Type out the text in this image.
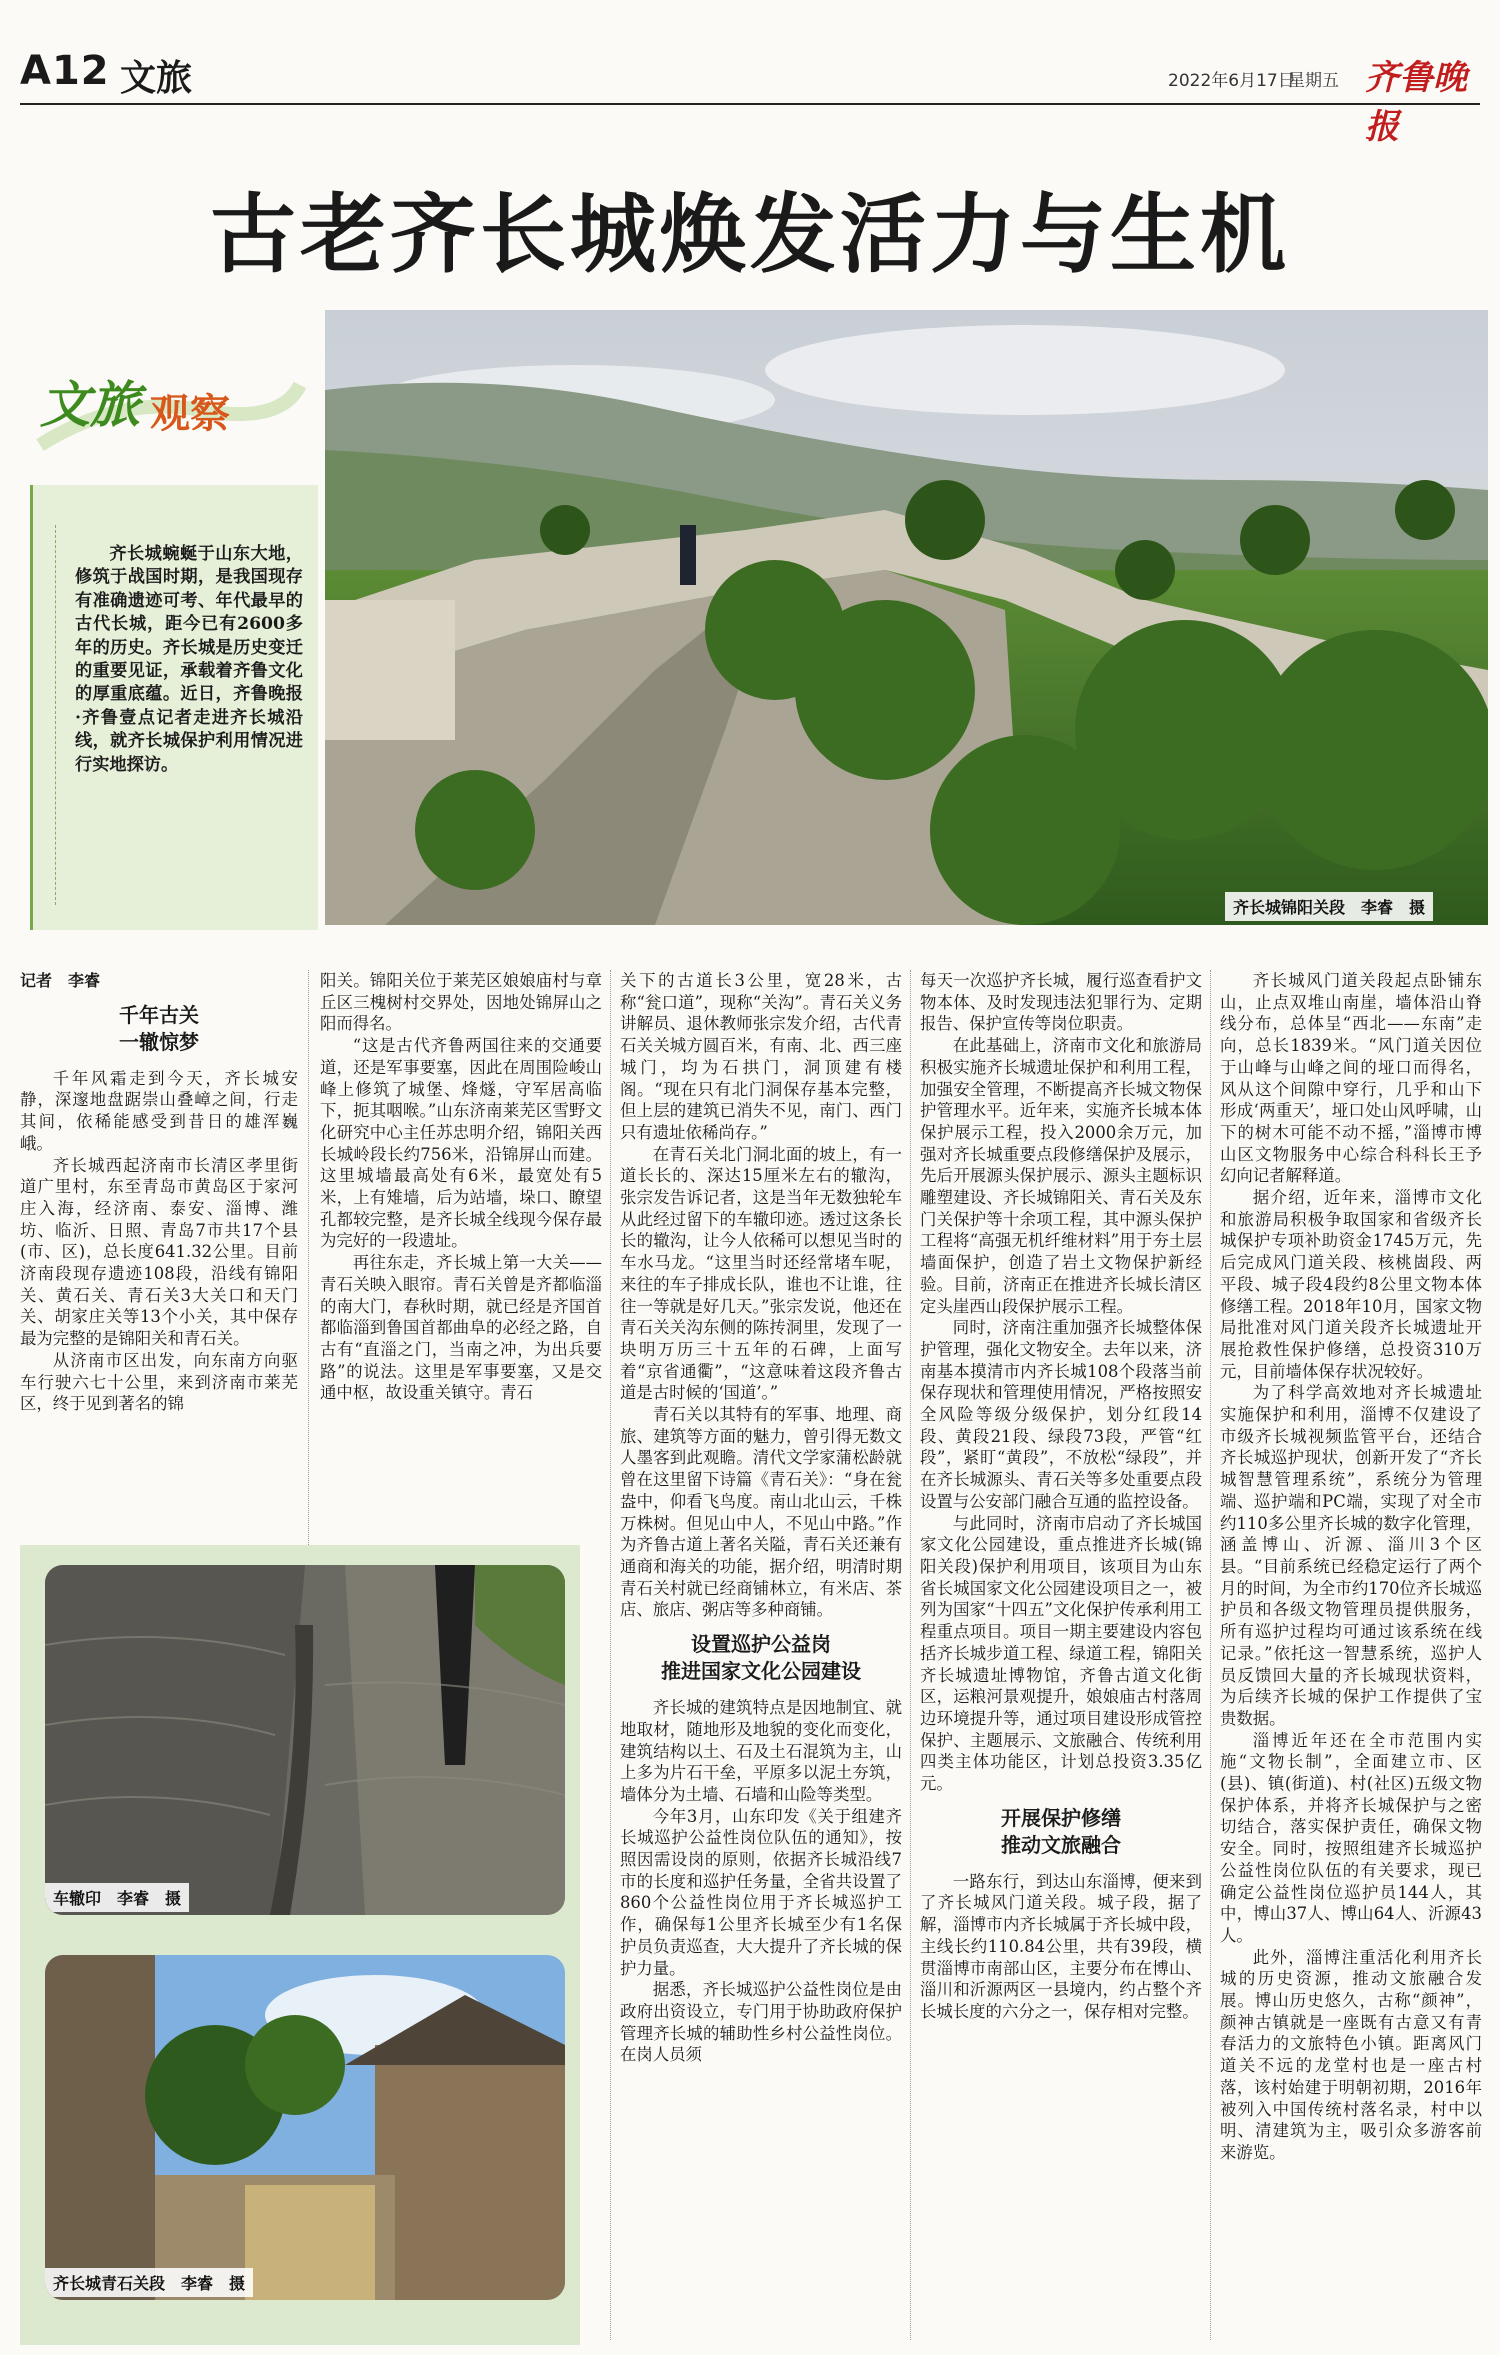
A12 文旅	2022年6月17日
星期五 齐鲁晚报
古老齐长城焕发活力与生机
齐长城锦阳关段　李睿　摄
文旅 观察
齐长城蜿蜒于山东大地，修筑于战国时期，是我国现存有准确遗迹可考、年代最早的古代长城，距今已有2600多年的历史。齐长城是历史变迁的重要见证，承载着齐鲁文化的厚重底蕴。近日，齐鲁晚报·齐鲁壹点记者走进齐长城沿线，就齐长城保护利用情况进行实地探访。
记者　李睿
千年古关
一辙惊梦

千年风霜走到今天，齐长城安静，深邃地盘踞崇山叠嶂之间，行走其间，依稀能感受到昔日的雄浑巍峨。

齐长城西起济南市长清区孝里街道广里村，东至青岛市黄岛区于家河庄入海，经济南、泰安、淄博、潍坊、临沂、日照、青岛7市共17个县(市、区)，总长度641.32公里。目前济南段现存遗迹108段，沿线有锦阳关、黄石关、青石关3大关口和天门关、胡家庄关等13个小关，其中保存最为完整的是锦阳关和青石关。

从济南市区出发，向东南方向驱车行驶六七十公里，来到济南市莱芜区，终于见到著名的锦

车辙印　李睿　摄
齐长城青石关段　李睿　摄

阳关。锦阳关位于莱芜区娘娘庙村与章丘区三槐树村交界处，因地处锦屏山之阳而得名。

“这是古代齐鲁两国往来的交通要道，还是军事要塞，因此在周围险峻山峰上修筑了城堡、烽燧，守军居高临下，扼其咽喉。”山东济南莱芜区雪野文化研究中心主任苏忠明介绍，锦阳关西长城岭段长约756米，沿锦屏山而建。这里城墙最高处有6米，最宽处有5米，上有雉墙，后为站墙，垛口、瞭望孔都较完整，是齐长城全线现今保存最为完好的一段遗址。

再往东走，齐长城上第一大关——青石关映入眼帘。青石关曾是齐都临淄的南大门，春秋时期，就已经是齐国首都临淄到鲁国首都曲阜的必经之路，自古有“直淄之门，当南之冲，为出兵要路”的说法。这里是军事要塞，又是交通中枢，故设重关镇守。青石

关下的古道长3公里，宽28米，古称“瓮口道”，现称“关沟”。青石关义务讲解员、退休教师张宗发介绍，古代青石关关城方圆百米，有南、北、西三座城门，均为石拱门，洞顶建有楼阁。“现在只有北门洞保存基本完整，但上层的建筑已消失不见，南门、西门只有遗址依稀尚存。”

在青石关北门洞北面的坡上，有一道长长的、深达15厘米左右的辙沟，张宗发告诉记者，这是当年无数独轮车从此经过留下的车辙印迹。透过这条长长的辙沟，让今人依稀可以想见当时的车水马龙。“这里当时还经常堵车呢，来往的车子排成长队，谁也不让谁，往往一等就是好几天。”张宗发说，他还在青石关关沟东侧的陈抟洞里，发现了一块明万历三十五年的石碑，上面写着“京省通衢”，“这意味着这段齐鲁古道是古时候的‘国道’。”

青石关以其特有的军事、地理、商旅、建筑等方面的魅力，曾引得无数文人墨客到此观瞻。清代文学家蒲松龄就曾在这里留下诗篇《青石关》：“身在瓮盎中，仰看飞鸟度。南山北山云，千株万株树。但见山中人，不见山中路。”作为齐鲁古道上著名关隘，青石关还兼有通商和海关的功能，据介绍，明清时期青石关村就已经商铺林立，有米店、茶店、旅店、粥店等多种商铺。

设置巡护公益岗
推进国家文化公园建设

齐长城的建筑特点是因地制宜、就地取材，随地形及地貌的变化而变化，建筑结构以土、石及土石混筑为主，山上多为片石干垒，平原多以泥土夯筑，墙体分为土墙、石墙和山险等类型。

今年3月，山东印发《关于组建齐长城巡护公益性岗位队伍的通知》，按照因需设岗的原则，依据齐长城沿线7市的长度和巡护任务量，全省共设置了860个公益性岗位用于齐长城巡护工作，确保每1公里齐长城至少有1名保护员负责巡查，大大提升了齐长城的保护力量。

据悉，齐长城巡护公益性岗位是由政府出资设立，专门用于协助政府保护管理齐长城的辅助性乡村公益性岗位。在岗人员须

每天一次巡护齐长城，履行巡查看护文物本体、及时发现违法犯罪行为、定期报告、保护宣传等岗位职责。

在此基础上，济南市文化和旅游局积极实施齐长城遗址保护和利用工程，加强安全管理，不断提高齐长城文物保护管理水平。近年来，实施齐长城本体保护展示工程，投入2000余万元，加强对齐长城重要点段修缮保护及展示，先后开展源头保护展示、源头主题标识雕塑建设、齐长城锦阳关、青石关及东门关保护等十余项工程，其中源头保护工程将“高强无机纤维材料”用于夯土层墙面保护，创造了岩土文物保护新经验。目前，济南正在推进齐长城长清区定头崖西山段保护展示工程。

同时，济南注重加强齐长城整体保护管理，强化文物安全。去年以来，济南基本摸清市内齐长城108个段落当前保存现状和管理使用情况，严格按照安全风险等级分级保护，划分红段14段、黄段21段、绿段73段，严管“红段”，紧盯“黄段”，不放松“绿段”，并在齐长城源头、青石关等多处重要点段设置与公安部门融合互通的监控设备。

与此同时，济南市启动了齐长城国家文化公园建设，重点推进齐长城(锦阳关段)保护利用项目，该项目为山东省长城国家文化公园建设项目之一，被列为国家“十四五”文化保护传承利用工程重点项目。项目一期主要建设内容包括齐长城步道工程、绿道工程，锦阳关齐长城遗址博物馆，齐鲁古道文化街区，运粮河景观提升，娘娘庙古村落周边环境提升等，通过项目建设形成管控保护、主题展示、文旅融合、传统利用四类主体功能区，计划总投资3.35亿元。

开展保护修缮
推动文旅融合

一路东行，到达山东淄博，便来到了齐长城风门道关段。城子段，据了解，淄博市内齐长城属于齐长城中段，主线长约110.84公里，共有39段，横贯淄博市南部山区，主要分布在博山、淄川和沂源两区一县境内，约占整个齐长城长度的六分之一，保存相对完整。

齐长城风门道关段起点卧铺东山，止点双堆山南崖，墙体沿山脊线分布，总体呈“西北——东南”走向，总长1839米。“风门道关因位于山峰与山峰之间的垭口而得名，风从这个间隙中穿行，几乎和山下形成‘两重天’，垭口处山风呼啸，山下的树木可能不动不摇，”淄博市博山区文物服务中心综合科科长王予幻向记者解释道。

据介绍，近年来，淄博市文化和旅游局积极争取国家和省级齐长城保护专项补助资金1745万元，先后完成风门道关段、核桃崮段、两平段、城子段4段约8公里文物本体修缮工程。2018年10月，国家文物局批准对风门道关段齐长城遗址开展抢救性保护修缮，总投资310万元，目前墙体保存状况较好。

为了科学高效地对齐长城遗址实施保护和利用，淄博不仅建设了市级齐长城视频监管平台，还结合齐长城巡护现状，创新开发了“齐长城智慧管理系统”，系统分为管理端、巡护端和PC端，实现了对全市约110多公里齐长城的数字化管理，涵盖博山、沂源、淄川3个区县。“目前系统已经稳定运行了两个月的时间，为全市约170位齐长城巡护员和各级文物管理员提供服务，所有巡护过程均可通过该系统在线记录。”依托这一智慧系统，巡护人员反馈回大量的齐长城现状资料，为后续齐长城的保护工作提供了宝贵数据。

淄博近年还在全市范围内实施“文物长制”，全面建立市、区(县)、镇(街道)、村(社区)五级文物保护体系，并将齐长城保护与之密切结合，落实保护责任，确保文物安全。同时，按照组建齐长城巡护公益性岗位队伍的有关要求，现已确定公益性岗位巡护员144人，其中，博山37人、博山64人、沂源43人。

此外，淄博注重活化利用齐长城的历史资源，推动文旅融合发展。博山历史悠久，古称“颜神”，颜神古镇就是一座既有古意又有青春活力的文旅特色小镇。距离风门道关不远的龙堂村也是一座古村落，该村始建于明朝初期，2016年被列入中国传统村落名录，村中以明、清建筑为主，吸引众多游客前来游览。
